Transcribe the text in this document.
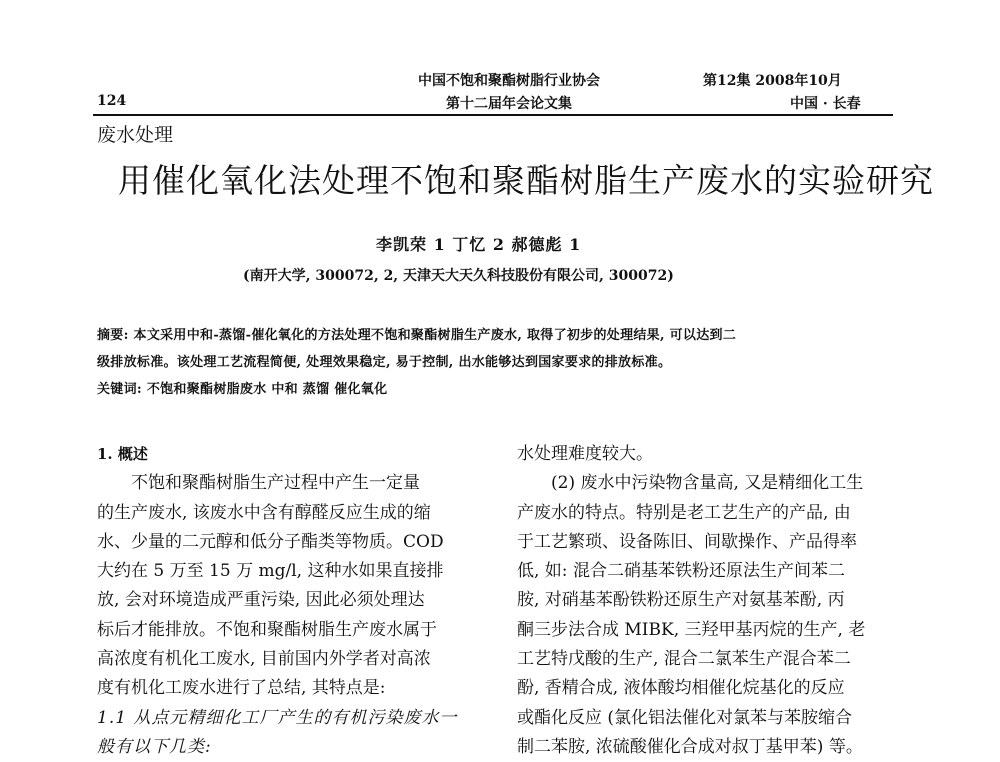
中国不饱和聚酯树脂行业协会	第12集 2008年10月
124	第十二届年会论文集	中国 · 长春
废水处理
用催化氧化法处理不饱和聚酯树脂生产废水的实验研究
李凯荣 1 丁忆 2 郝德彪 1
(南开大学, 300072, 2, 天津天大天久科技股份有限公司, 300072)
摘要: 本文采用中和-蒸馏-催化氧化的方法处理不饱和聚酯树脂生产废水, 取得了初步的处理结果, 可以达到二
级排放标准。该处理工艺流程简便, 处理效果稳定, 易于控制, 出水能够达到国家要求的排放标准。
关键词: 不饱和聚酯树脂废水 中和 蒸馏 催化氧化
1. 概述
不饱和聚酯树脂生产过程中产生一定量
的生产废水, 该废水中含有醇醛反应生成的缩
水、少量的二元醇和低分子酯类等物质。COD
大约在 5 万至 15 万 mg/l, 这种水如果直接排
放, 会对环境造成严重污染, 因此必须处理达
标后才能排放。不饱和聚酯树脂生产废水属于
高浓度有机化工废水, 目前国内外学者对高浓
度有机化工废水进行了总结, 其特点是:
1.1 从点元精细化工厂产生的有机污染废水一
般有以下几类:
水处理难度较大。
(2) 废水中污染物含量高, 又是精细化工生
产废水的特点。特别是老工艺生产的产品, 由
于工艺繁琐、设备陈旧、间歇操作、产品得率
低, 如: 混合二硝基苯铁粉还原法生产间苯二
胺, 对硝基苯酚铁粉还原生产对氨基苯酚, 丙
酮三步法合成 MIBK, 三羟甲基丙烷的生产, 老
工艺特戊酸的生产, 混合二氯苯生产混合苯二
酚, 香精合成, 液体酸均相催化烷基化的反应
或酯化反应 (氯化铝法催化对氯苯与苯胺缩合
制二苯胺, 浓硫酸催化合成对叔丁基甲苯) 等。
